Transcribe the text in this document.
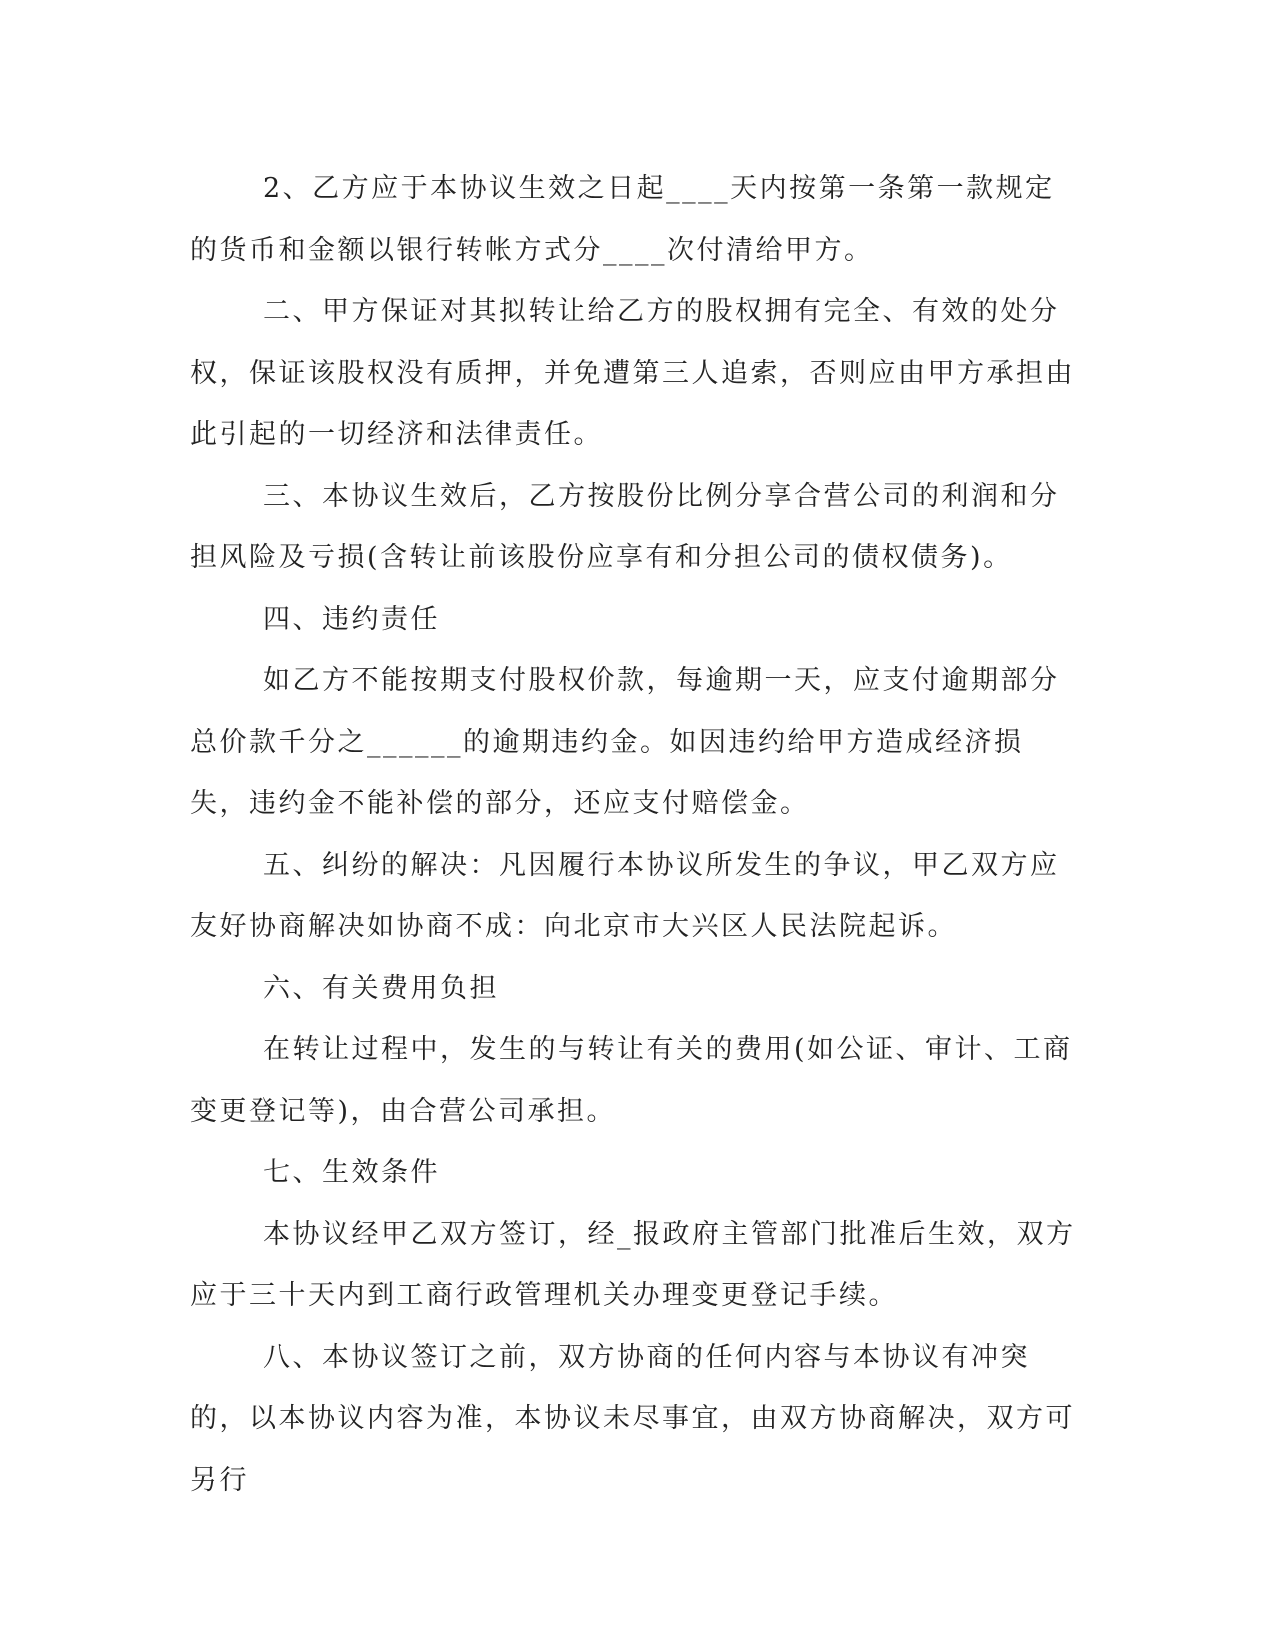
2、乙方应于本协议生效之日起____天内按第一条第一款规定的货币和金额以银行转帐方式分____次付清给甲方。

二、甲方保证对其拟转让给乙方的股权拥有完全、有效的处分权，保证该股权没有质押，并免遭第三人追索，否则应由甲方承担由此引起的一切经济和法律责任。

三、本协议生效后，乙方按股份比例分享合营公司的利润和分担风险及亏损(含转让前该股份应享有和分担公司的债权债务)。

四、违约责任

如乙方不能按期支付股权价款，每逾期一天，应支付逾期部分总价款千分之______的逾期违约金。如因违约给甲方造成经济损失，违约金不能补偿的部分，还应支付赔偿金。

五、纠纷的解决：凡因履行本协议所发生的争议，甲乙双方应友好协商解决如协商不成：向北京市大兴区人民法院起诉。

六、有关费用负担

在转让过程中，发生的与转让有关的费用(如公证、审计、工商变更登记等)，由合营公司承担。

七、生效条件

本协议经甲乙双方签订，经_报政府主管部门批准后生效，双方应于三十天内到工商行政管理机关办理变更登记手续。

八、本协议签订之前，双方协商的任何内容与本协议有冲突的，以本协议内容为准，本协议未尽事宜，由双方协商解决，双方可另行
